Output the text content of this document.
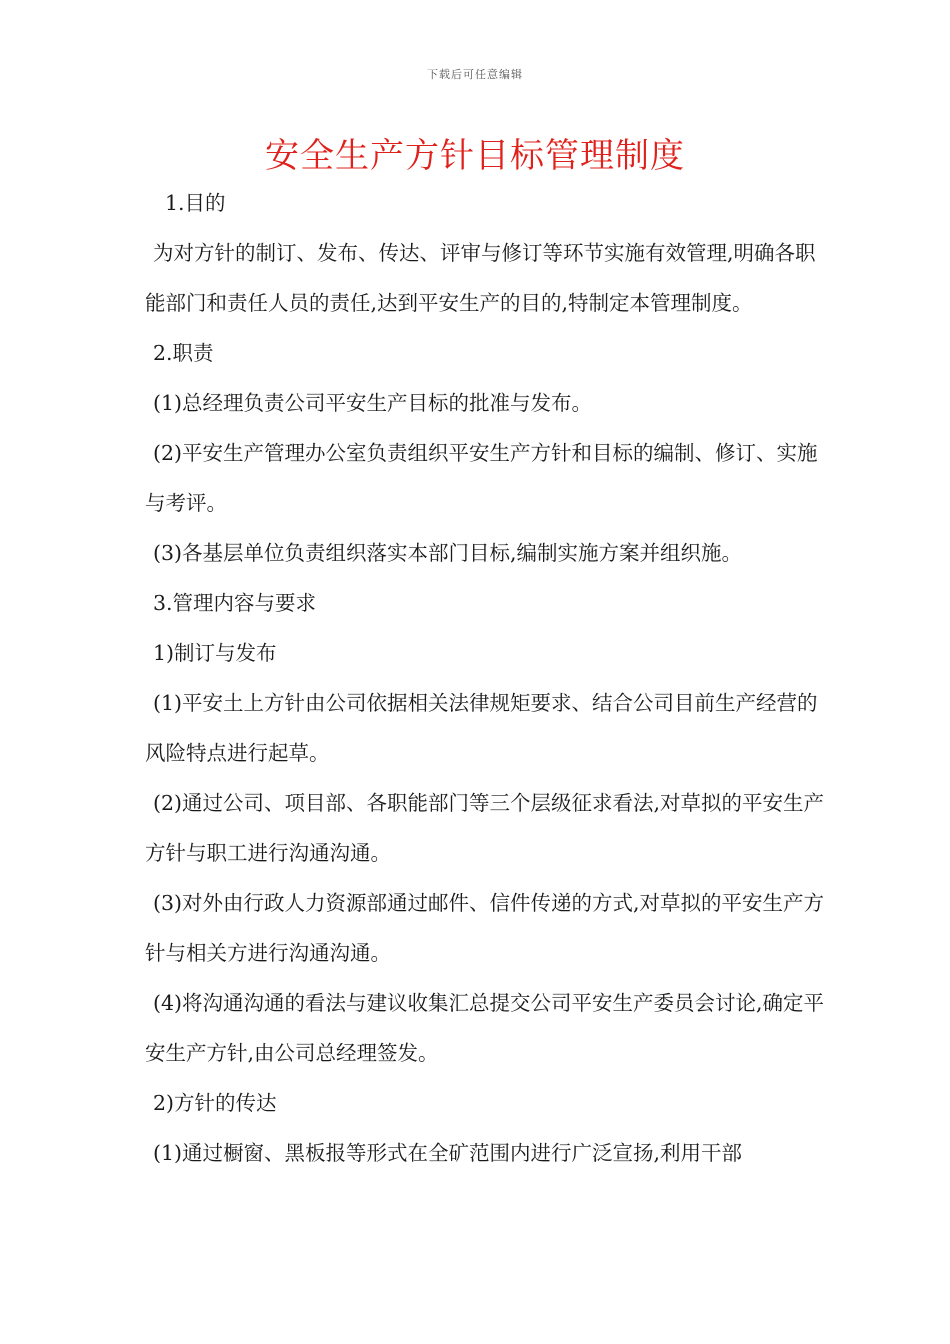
下载后可任意编辑
安全生产方针目标管理制度

1.目的

为对方针的制订、发布、传达、评审与修订等环节实施有效管理,明确各职能部门和责任人员的责任,达到平安生产的目的,特制定本管理制度。

2.职责

(1)总经理负责公司平安生产目标的批准与发布。

(2)平安生产管理办公室负责组织平安生产方针和目标的编制、修订、实施与考评。

(3)各基层单位负责组织落实本部门目标,编制实施方案并组织施。

3.管理内容与要求

1)制订与发布

(1)平安土上方针由公司依据相关法律规矩要求、结合公司目前生产经营的风险特点进行起草。

(2)通过公司、项目部、各职能部门等三个层级征求看法,对草拟的平安生产方针与职工进行沟通沟通。

(3)对外由行政人力资源部通过邮件、信件传递的方式,对草拟的平安生产方针与相关方进行沟通沟通。

(4)将沟通沟通的看法与建议收集汇总提交公司平安生产委员会讨论,确定平安生产方针,由公司总经理签发。

2)方针的传达

(1)通过橱窗、黑板报等形式在全矿范围内进行广泛宣扬,利用干部
